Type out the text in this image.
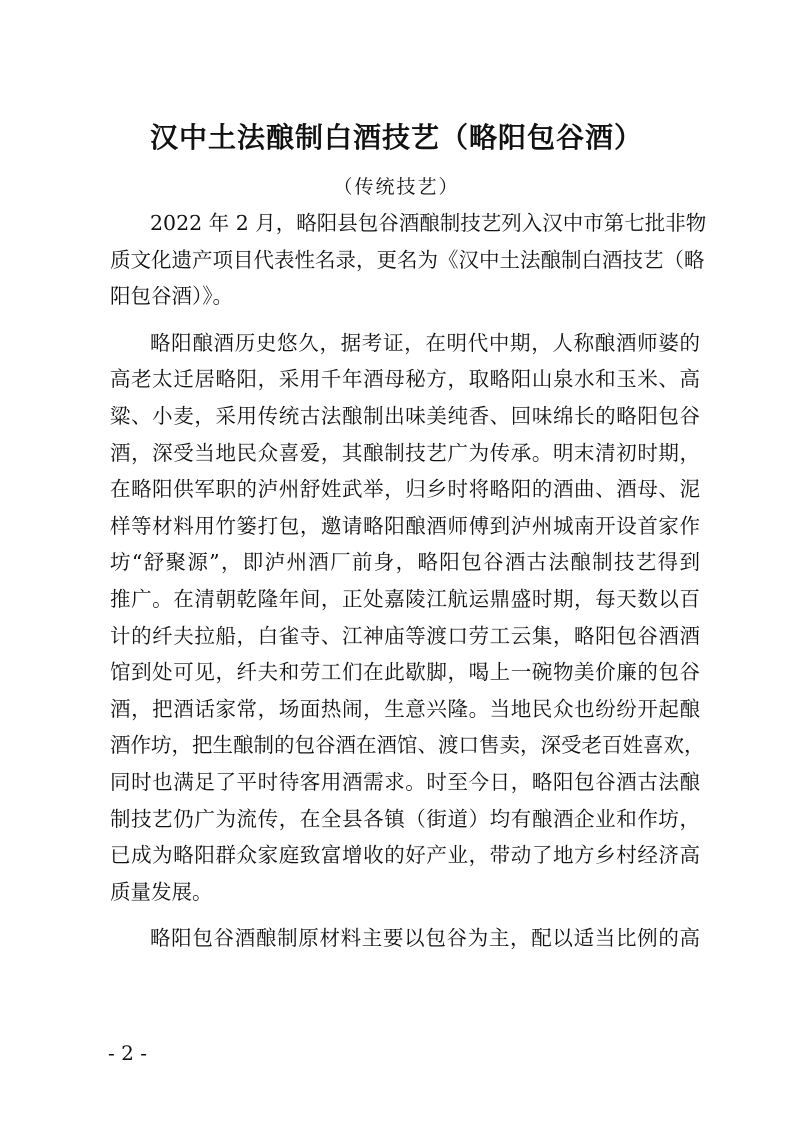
汉中土法酿制白酒技艺（略阳包谷酒）
（传统技艺）
2022 年 2 月，略阳县包谷酒酿制技艺列入汉中市第七批非物
质文化遗产项目代表性名录，更名为《汉中土法酿制白酒技艺（略
阳包谷酒）》。
略阳酿酒历史悠久，据考证，在明代中期，人称酿酒师婆的
高老太迁居略阳，采用千年酒母秘方，取略阳山泉水和玉米、高
粱、小麦，采用传统古法酿制出味美纯香、回味绵长的略阳包谷
酒，深受当地民众喜爱，其酿制技艺广为传承。明末清初时期，
在略阳供军职的泸州舒姓武举，归乡时将略阳的酒曲、酒母、泥
样等材料用竹篓打包，邀请略阳酿酒师傅到泸州城南开设首家作
坊“舒聚源”，即泸州酒厂前身，略阳包谷酒古法酿制技艺得到
推广。在清朝乾隆年间，正处嘉陵江航运鼎盛时期，每天数以百
计的纤夫拉船，白雀寺、江神庙等渡口劳工云集，略阳包谷酒酒
馆到处可见，纤夫和劳工们在此歇脚，喝上一碗物美价廉的包谷
酒，把酒话家常，场面热闹，生意兴隆。当地民众也纷纷开起酿
酒作坊，把生酿制的包谷酒在酒馆、渡口售卖，深受老百姓喜欢，
同时也满足了平时待客用酒需求。时至今日，略阳包谷酒古法酿
制技艺仍广为流传，在全县各镇（街道）均有酿酒企业和作坊，
已成为略阳群众家庭致富增收的好产业，带动了地方乡村经济高
质量发展。
略阳包谷酒酿制原材料主要以包谷为主，配以适当比例的高
- 2 -
